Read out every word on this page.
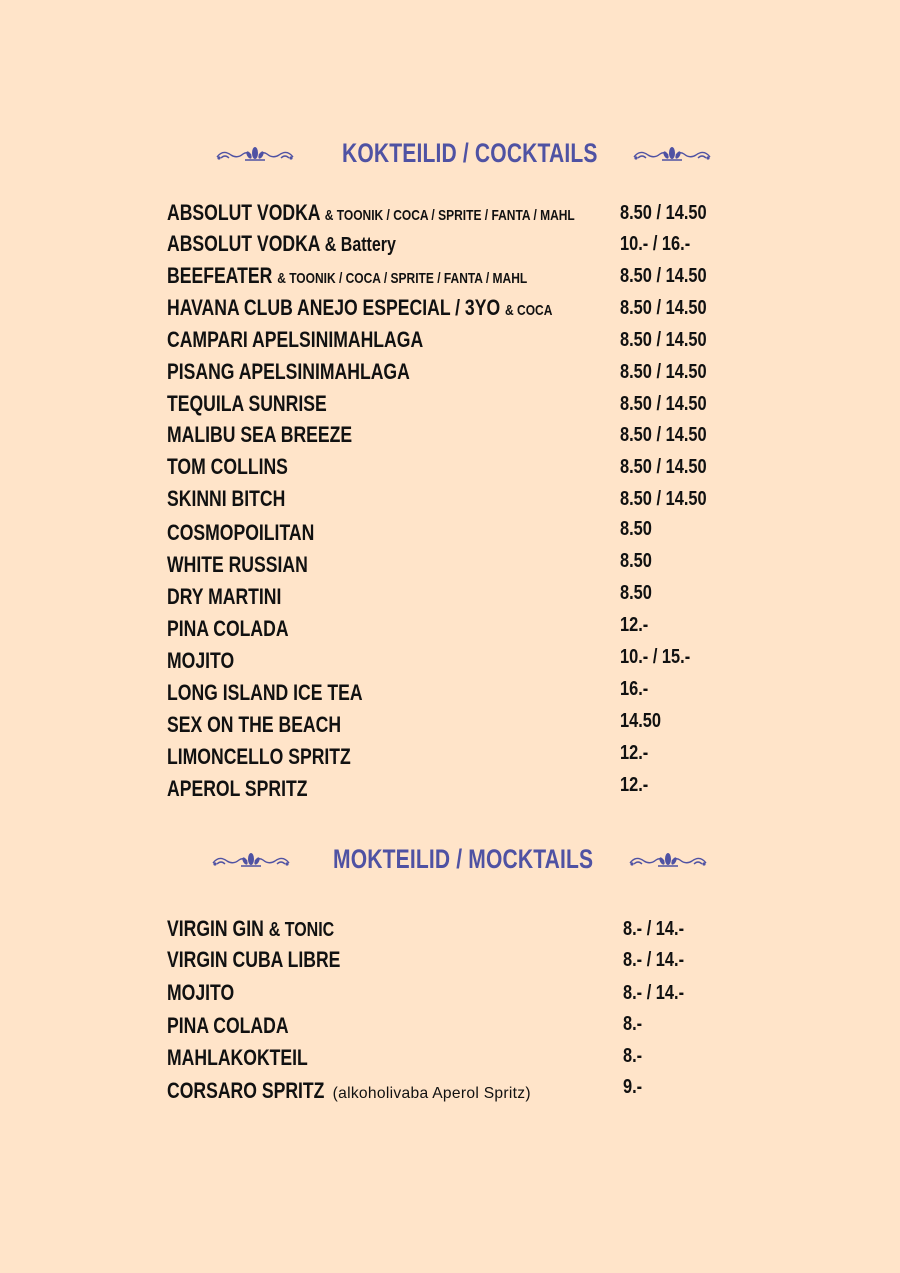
KOKTEILID / COCKTAILS
ABSOLUT VODKA & TOONIK / COCA / SPRITE / FANTA / MAHL 8.50 / 14.50
ABSOLUT VODKA & Battery	10.- / 16.-
BEEFEATER & TOONIK / COCA / SPRITE / FANTA / MAHL	8.50 / 14.50
HAVANA CLUB ANEJO ESPECIAL / 3YO & COCA	8.50 / 14.50
CAMPARI APELSINIMAHLAGA	8.50 / 14.50
PISANG APELSINIMAHLAGA	8.50 / 14.50
TEQUILA SUNRISE	8.50 / 14.50
MALIBU SEA BREEZE	8.50 / 14.50
TOM COLLINS	8.50 / 14.50
SKINNI BITCH	8.50 / 14.50
COSMOPOILITAN	8.50
WHITE RUSSIAN	8.50
DRY MARTINI	8.50
PINA COLADA	12.-
MOJITO	10.- / 15.-
LONG ISLAND ICE TEA	16.-
SEX ON THE BEACH	14.50
LIMONCELLO SPRITZ	12.-
APEROL SPRITZ	12.-
MOKTEILID / MOCKTAILS
VIRGIN GIN & TONIC	8.- / 14.-
VIRGIN CUBA LIBRE	8.- / 14.-
MOJITO	8.- / 14.-
PINA COLADA	8.-
MAHLAKOKTEIL	8.-
CORSARO SPRITZ (alkoholivaba Aperol Spritz)	9.-
